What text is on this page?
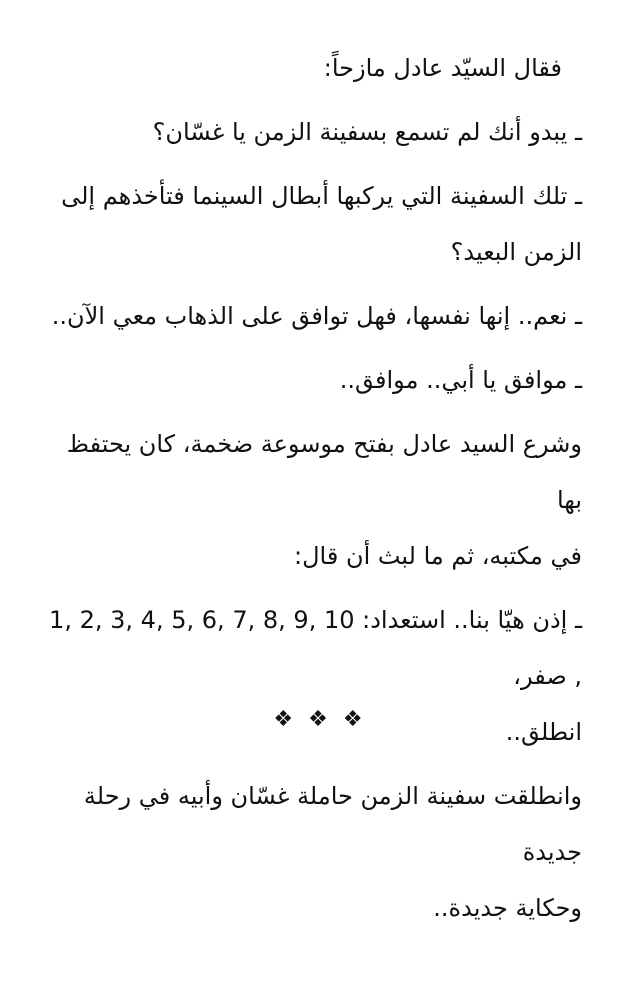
فقال السيّد عادل مازحاً:

ـ يبدو أنك لم تسمع بسفينة الزمن يا غسّان؟

ـ تلك السفينة التي يركبها أبطال السينما فتأخذهم إلى
الزمن البعيد؟

ـ نعم.. إنها نفسها، فهل توافق على الذهاب معي الآن..

ـ موافق يا أبي.. موافق..

وشرع السيد عادل بفتح موسوعة ضخمة، كان يحتفظ بها
في مكتبه، ثم ما لبث أن قال:

ـ إذن هيّا بنا.. استعداد: 10 ,9 ,8 ,7 ,6 ,5 ,4 ,3 ,2 ,1 , صفر،
انطلق..

وانطلقت سفينة الزمن حاملة غسّان وأبيه في رحلة جديدة
وحكاية جديدة..

❖ ❖ ❖
